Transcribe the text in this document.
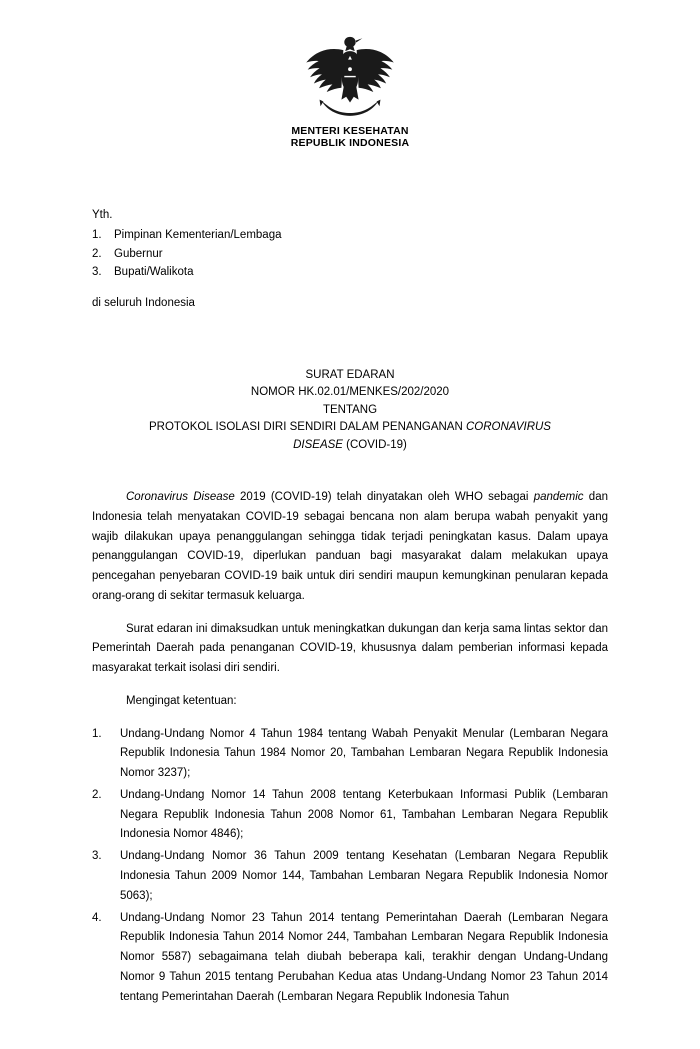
MENTERI KESEHATAN
REPUBLIK INDONESIA
Yth.
1.	Pimpinan Kementerian/Lembaga
2.	Gubernur
3.	Bupati/Walikota
di seluruh Indonesia
SURAT EDARAN
NOMOR HK.02.01/MENKES/202/2020
TENTANG
PROTOKOL ISOLASI DIRI SENDIRI DALAM PENANGANAN CORONAVIRUS
DISEASE (COVID-19)

Coronavirus Disease 2019 (COVID-19) telah dinyatakan oleh WHO sebagai pandemic dan Indonesia telah menyatakan COVID-19 sebagai bencana non alam berupa wabah penyakit yang wajib dilakukan upaya penanggulangan sehingga tidak terjadi peningkatan kasus. Dalam upaya penanggulangan COVID-19, diperlukan panduan bagi masyarakat dalam melakukan upaya pencegahan penyebaran COVID-19 baik untuk diri sendiri maupun kemungkinan penularan kepada orang-orang di sekitar termasuk keluarga.

Surat edaran ini dimaksudkan untuk meningkatkan dukungan dan kerja sama lintas sektor dan Pemerintah Daerah pada penanganan COVID-19, khususnya dalam pemberian informasi kepada masyarakat terkait isolasi diri sendiri.

Mengingat ketentuan:

1.	Undang-Undang Nomor 4 Tahun 1984 tentang Wabah Penyakit Menular (Lembaran Negara Republik Indonesia Tahun 1984 Nomor 20, Tambahan Lembaran Negara Republik Indonesia Nomor 3237);
2.	Undang-Undang Nomor 14 Tahun 2008 tentang Keterbukaan Informasi Publik (Lembaran Negara Republik Indonesia Tahun 2008 Nomor 61, Tambahan Lembaran Negara Republik Indonesia Nomor 4846);
3.	Undang-Undang Nomor 36 Tahun 2009 tentang Kesehatan (Lembaran Negara Republik Indonesia Tahun 2009 Nomor 144, Tambahan Lembaran Negara Republik Indonesia Nomor 5063);
4.	Undang-Undang Nomor 23 Tahun 2014 tentang Pemerintahan Daerah (Lembaran Negara Republik Indonesia Tahun 2014 Nomor 244, Tambahan Lembaran Negara Republik Indonesia Nomor 5587) sebagaimana telah diubah beberapa kali, terakhir dengan Undang-Undang Nomor 9 Tahun 2015 tentang Perubahan Kedua atas Undang-Undang Nomor 23 Tahun 2014 tentang Pemerintahan Daerah (Lembaran Negara Republik Indonesia Tahun
